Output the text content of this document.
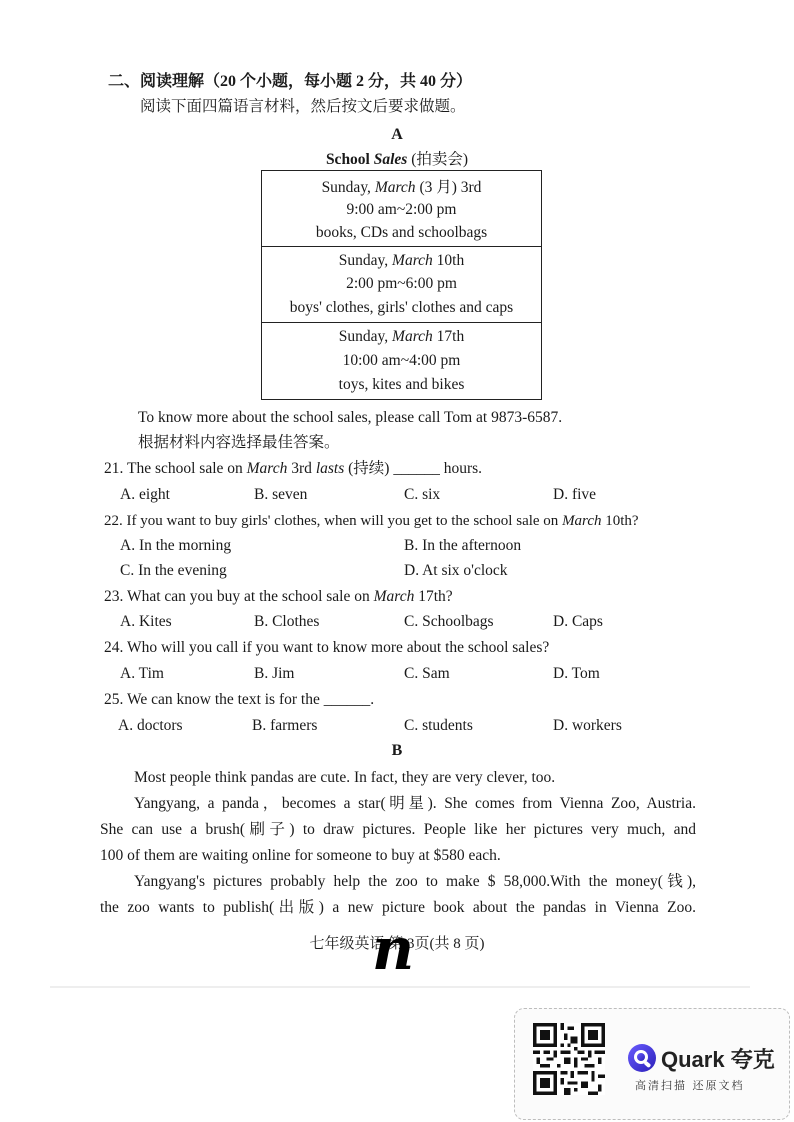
二、阅读理解（20 个小题，每小题 2 分，共 40 分）
阅读下面四篇语言材料，然后按文后要求做题。
A
School Sales (拍卖会)
Sunday, March (3 月) 3rd
9:00 am~2:00 pm
books, CDs and schoolbags
Sunday, March 10th
2:00 pm~6:00 pm
boys' clothes, girls' clothes and caps
Sunday, March 17th
10:00 am~4:00 pm
toys, kites and bikes
To know more about the school sales, please call Tom at 9873-6587.
根据材料内容选择最佳答案。
21. The school sale on March 3rd lasts (持续) ______ hours.
A. eight	B. seven	C. six	D. five
22. If you want to buy girls' clothes, when will you get to the school sale on March 10th?
A. In the morning	B. In the afternoon
C. In the evening	D. At six o'clock
23. What can you buy at the school sale on March 17th?
A. Kites	B. Clothes	C. Schoolbags	D. Caps
24. Who will you call if you want to know more about the school sales?
A. Tim	B. Jim	C. Sam	D. Tom
25. We can know the text is for the ______.
A. doctors	B. farmers	C. students	D. workers
B
Most people think pandas are cute. In fact, they are very clever, too.
Yangyang, a panda，becomes a star(明星). She comes from Vienna Zoo, Austria.
She can use a brush(刷子) to draw pictures. People like her pictures very much, and
100 of them are waiting online for someone to buy at $580 each.
Yangyang's pictures probably help the zoo to make $ 58,000.With the money(钱),
the zoo wants to publish(出版) a new picture book about the pandas in Vienna Zoo.
七年级英语 第 3页(共 8 页)
n
Quark 夸克
高清扫描 还原文档
